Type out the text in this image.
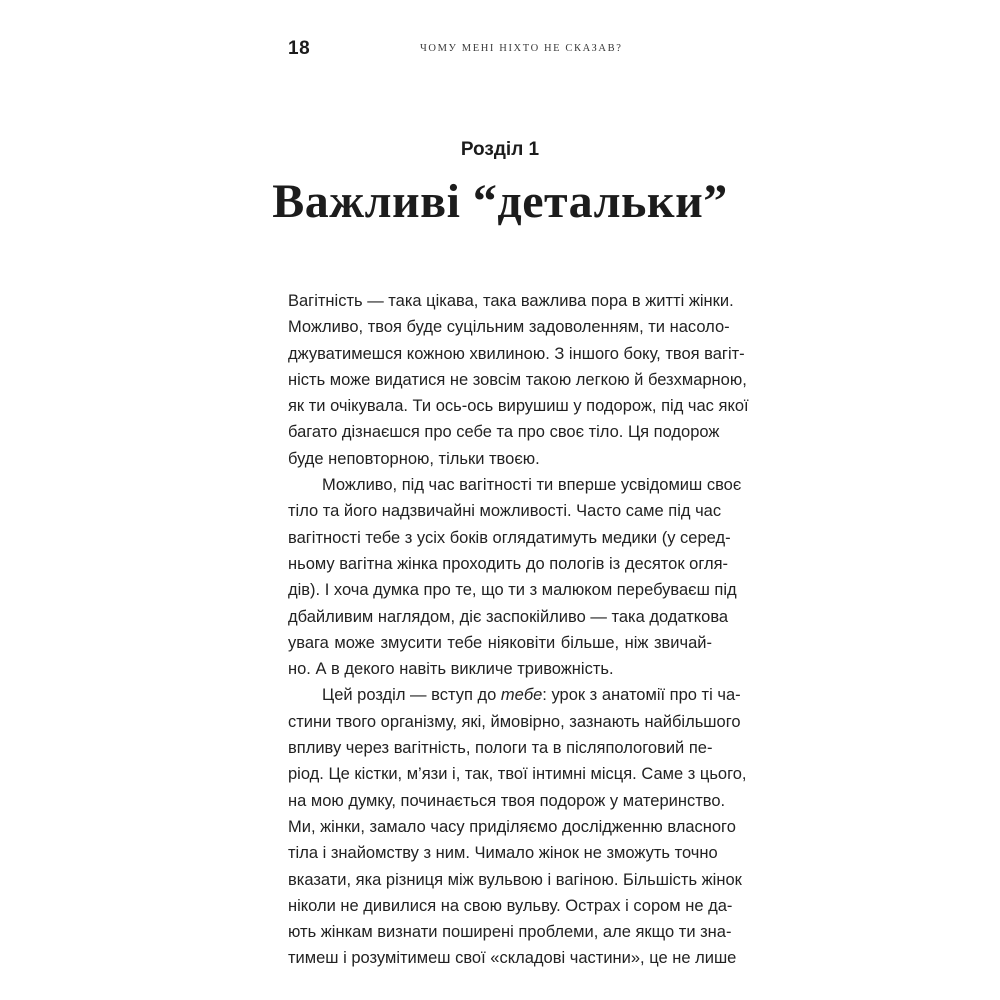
18	ЧОМУ МЕНІ НІХТО НЕ СКАЗАВ?
Розділ 1
Важливі “детальки”
Вагітність — така цікава, така важлива пора в житті жінки.
Можливо, твоя буде суцільним задоволенням, ти насоло-
джуватимешся кожною хвилиною. З іншого боку, твоя вагіт-
ність може видатися не зовсім такою легкою й безхмарною,
як ти очікувала. Ти ось-ось вирушиш у подорож, під час якої
багато дізнаєшся про себе та про своє тіло. Ця подорож
буде неповторною, тільки твоєю.
Можливо, під час вагітності ти вперше усвідомиш своє
тіло та його надзвичайні можливості. Часто саме під час
вагітності тебе з усіх боків оглядатимуть медики (у серед-
ньому вагітна жінка проходить до пологів із десяток огля-
дів). І хоча думка про те, що ти з малюком перебуваєш під
дбайливим наглядом, діє заспокійливо — така додаткова
увага може змусити тебе ніяковіти більше, ніж звичай-
но. А в декого навіть викличе тривожність.
Цей розділ — вступ до тебе: урок з анатомії про ті ча-
стини твого організму, які, ймовірно, зазнають найбільшого
впливу через вагітність, пологи та в післяпологовий пе-
ріод. Це кістки, м’язи і, так, твої інтимні місця. Саме з цього,
на мою думку, починається твоя подорож у материнство.
Ми, жінки, замало часу приділяємо дослідженню власного
тіла і знайомству з ним. Чимало жінок не зможуть точно
вказати, яка різниця між вульвою і вагіною. Більшість жінок
ніколи не дивилися на свою вульву. Острах і сором не да-
ють жінкам визнати поширені проблеми, але якщо ти зна-
тимеш і розумітимеш свої «складові частини», це не лише
